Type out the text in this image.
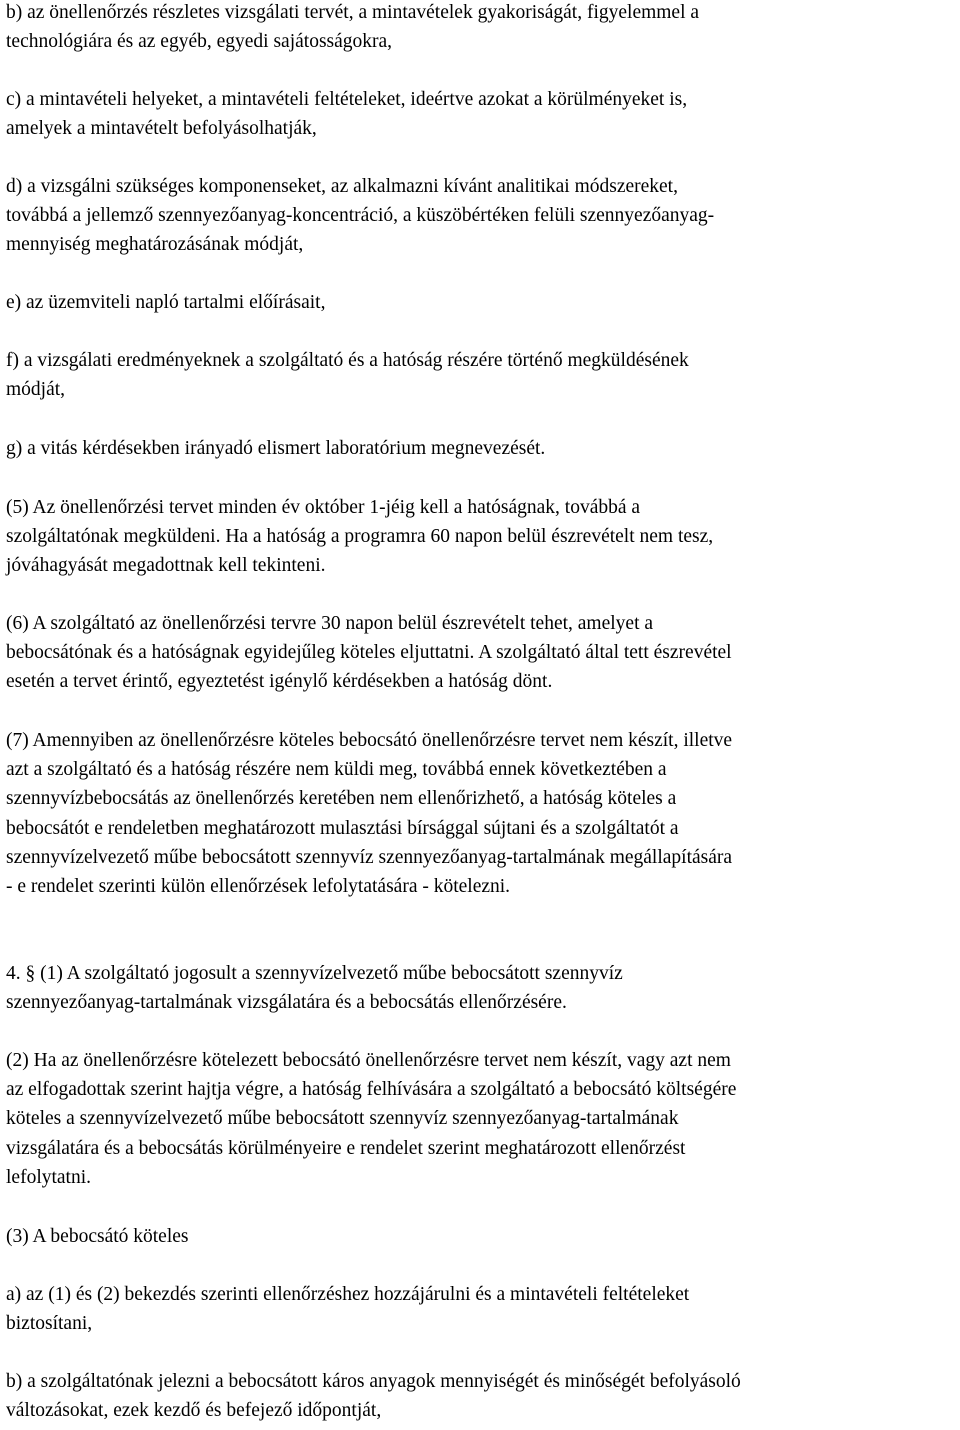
b) az önellenőrzés részletes vizsgálati tervét, a mintavételek gyakoriságát, figyelemmel a
technológiára és az egyéb, egyedi sajátosságokra,
c) a mintavételi helyeket, a mintavételi feltételeket, ideértve azokat a körülményeket is,
amelyek a mintavételt befolyásolhatják,
d) a vizsgálni szükséges komponenseket, az alkalmazni kívánt analitikai módszereket,
továbbá a jellemző szennyezőanyag-koncentráció, a küszöbértéken felüli szennyezőanyag-
mennyiség meghatározásának módját,
e) az üzemviteli napló tartalmi előírásait,
f) a vizsgálati eredményeknek a szolgáltató és a hatóság részére történő megküldésének
módját,
g) a vitás kérdésekben irányadó elismert laboratórium megnevezését.
(5) Az önellenőrzési tervet minden év október 1-jéig kell a hatóságnak, továbbá a
szolgáltatónak megküldeni. Ha a hatóság a programra 60 napon belül észrevételt nem tesz,
jóváhagyását megadottnak kell tekinteni.
(6) A szolgáltató az önellenőrzési tervre 30 napon belül észrevételt tehet, amelyet a
bebocsátónak és a hatóságnak egyidejűleg köteles eljuttatni. A szolgáltató által tett észrevétel
esetén a tervet érintő, egyeztetést igénylő kérdésekben a hatóság dönt.
(7) Amennyiben az önellenőrzésre köteles bebocsátó önellenőrzésre tervet nem készít, illetve
azt a szolgáltató és a hatóság részére nem küldi meg, továbbá ennek következtében a
szennyvízbebocsátás az önellenőrzés keretében nem ellenőrizhető, a hatóság köteles a
bebocsátót e rendeletben meghatározott mulasztási bírsággal sújtani és a szolgáltatót a
szennyvízelvezető műbe bebocsátott szennyvíz szennyezőanyag-tartalmának megállapítására
- e rendelet szerinti külön ellenőrzések lefolytatására - kötelezni.
4. § (1) A szolgáltató jogosult a szennyvízelvezető műbe bebocsátott szennyvíz
szennyezőanyag-tartalmának vizsgálatára és a bebocsátás ellenőrzésére.
(2) Ha az önellenőrzésre kötelezett bebocsátó önellenőrzésre tervet nem készít, vagy azt nem
az elfogadottak szerint hajtja végre, a hatóság felhívására a szolgáltató a bebocsátó költségére
köteles a szennyvízelvezető műbe bebocsátott szennyvíz szennyezőanyag-tartalmának
vizsgálatára és a bebocsátás körülményeire e rendelet szerint meghatározott ellenőrzést
lefolytatni.
(3) A bebocsátó köteles
a) az (1) és (2) bekezdés szerinti ellenőrzéshez hozzájárulni és a mintavételi feltételeket
biztosítani,
b) a szolgáltatónak jelezni a bebocsátott káros anyagok mennyiségét és minőségét befolyásoló
változásokat, ezek kezdő és befejező időpontját,
